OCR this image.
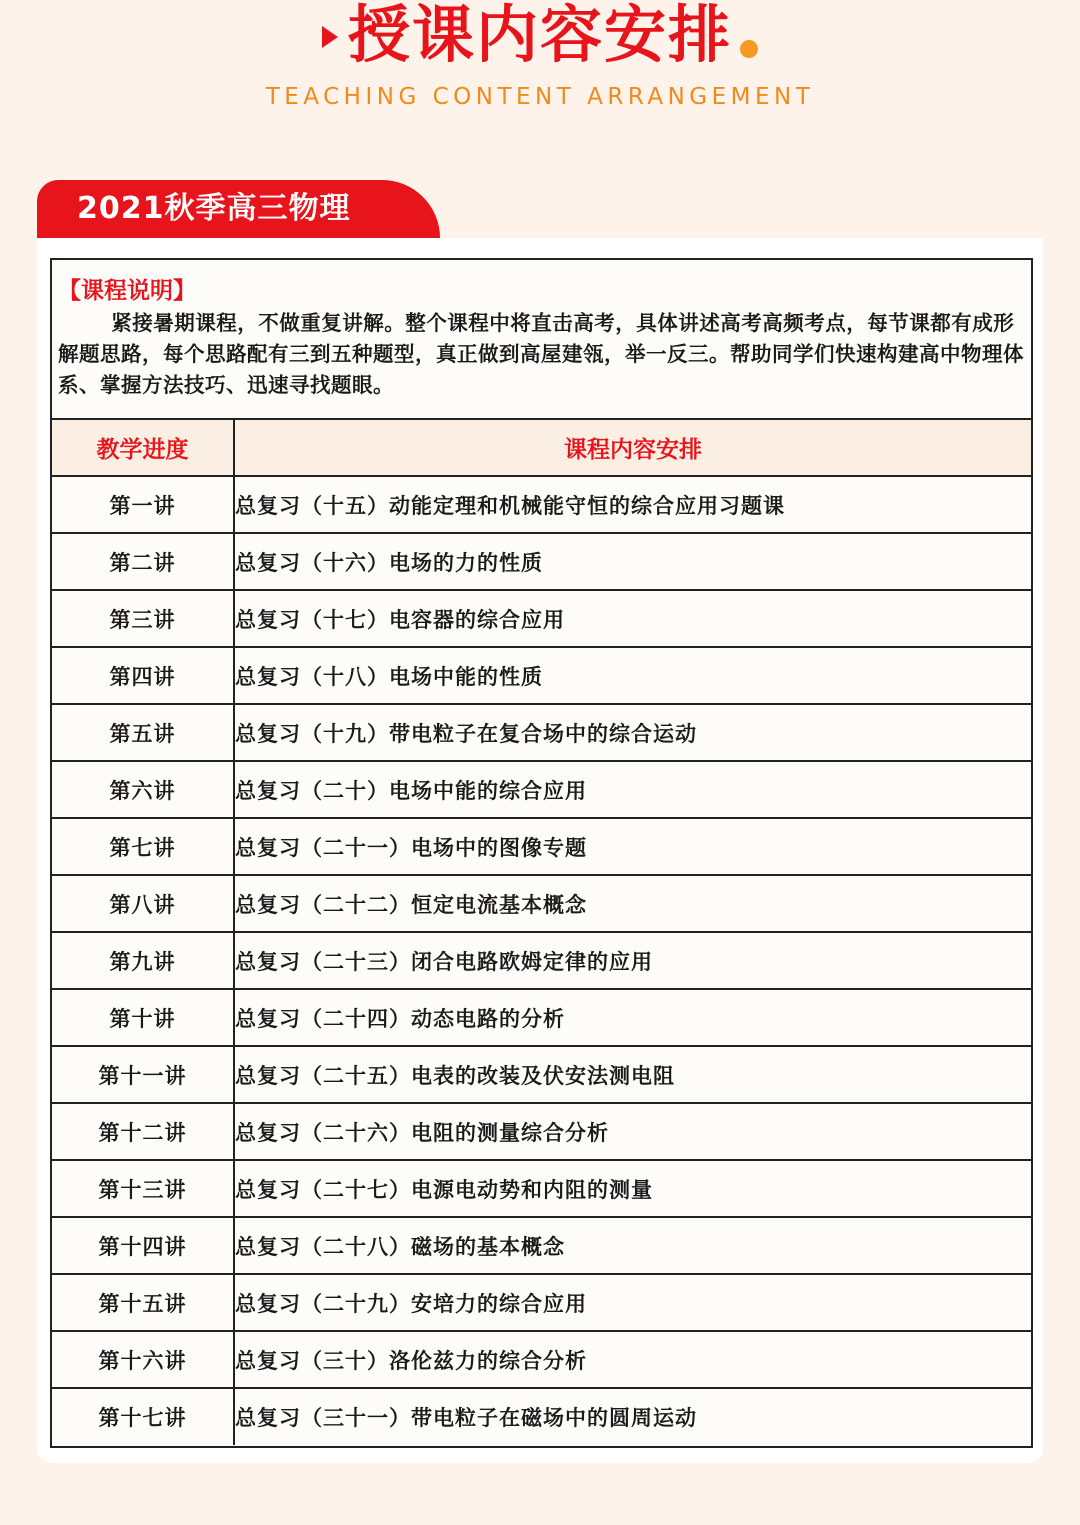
授课内容安排
TEACHING CONTENT ARRANGEMENT
2021秋季高三物理
【课程说明】
紧接暑期课程，不做重复讲解。整个课程中将直击高考，具体讲述高考高频考点，每节课都有成形解题思路，每个思路配有三到五种题型，真正做到高屋建瓴，举一反三。帮助同学们快速构建高中物理体系、掌握方法技巧、迅速寻找题眼。
教学进度	课程内容安排
第一讲	总复习（十五）动能定理和机械能守恒的综合应用习题课
第二讲	总复习（十六）电场的力的性质
第三讲	总复习（十七）电容器的综合应用
第四讲	总复习（十八）电场中能的性质
第五讲	总复习（十九）带电粒子在复合场中的综合运动
第六讲	总复习（二十）电场中能的综合应用
第七讲	总复习（二十一）电场中的图像专题
第八讲	总复习（二十二）恒定电流基本概念
第九讲	总复习（二十三）闭合电路欧姆定律的应用
第十讲	总复习（二十四）动态电路的分析
第十一讲	总复习（二十五）电表的改装及伏安法测电阻
第十二讲	总复习（二十六）电阻的测量综合分析
第十三讲	总复习（二十七）电源电动势和内阻的测量
第十四讲	总复习（二十八）磁场的基本概念
第十五讲	总复习（二十九）安培力的综合应用
第十六讲	总复习（三十）洛伦兹力的综合分析
第十七讲	总复习（三十一）带电粒子在磁场中的圆周运动
